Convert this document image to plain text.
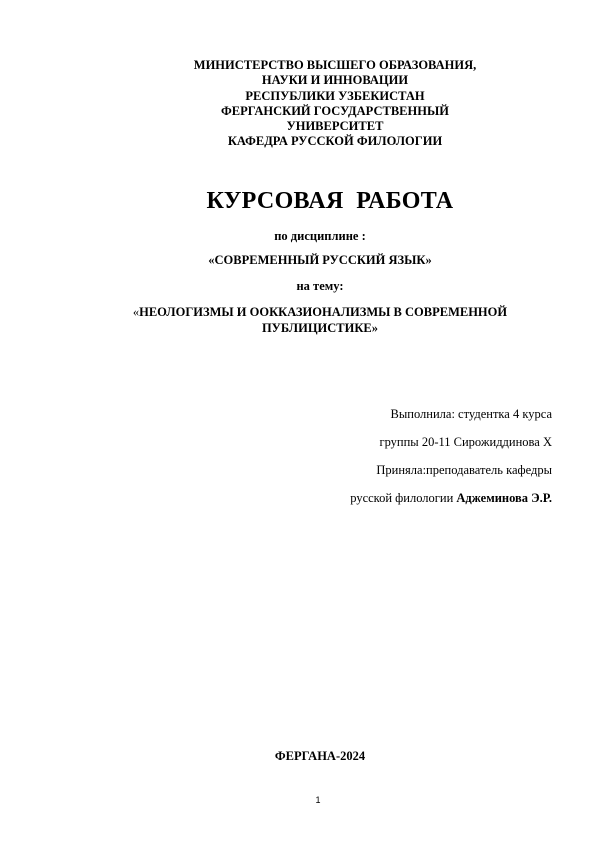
МИНИСТЕРСТВО ВЫСШЕГО ОБРАЗОВАНИЯ,
НАУКИ И ИННОВАЦИИ
РЕСПУБЛИКИ УЗБЕКИСТАН
ФЕРГАНСКИЙ ГОСУДАРСТВЕННЫЙ
УНИВЕРСИТЕТ
КАФЕДРА РУССКОЙ ФИЛОЛОГИИ
КУРСОВАЯ  РАБОТА
по дисциплине :
«СОВРЕМЕННЫЙ РУССКИЙ ЯЗЫК»
на тему:
«НЕОЛОГИЗМЫ И ООККАЗИОНАЛИЗМЫ В СОВРЕМЕННОЙ ПУБЛИЦИСТИКЕ»
Выполнила: студентка 4 курса
группы 20-11 Сирожиддинова Х
Приняла:преподаватель кафедры
русской филологии Аджеминова Э.Р.
ФЕРГАНА-2024
1
